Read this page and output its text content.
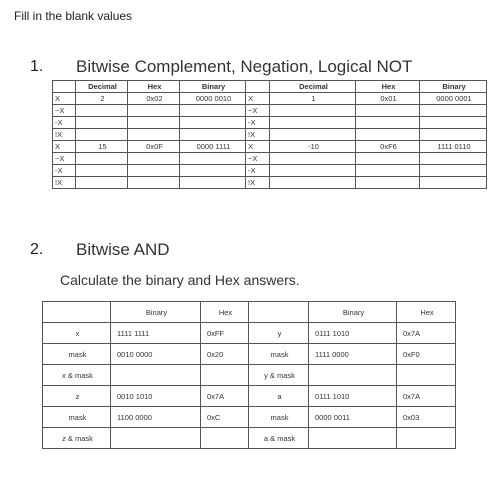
Fill in the blank values
1. Bitwise Complement, Negation, Logical NOT
	Decimal	Hex	Binary		Decimal	Hex	Binary
X	2	0x02	0000 0010	X	1	0x01	0000 0001
~X				~X			
-X				-X			
!X				!X			
X	15	0x0F	0000 1111	X	-10	0xF6	1111 0110
~X				~X			
-X				-X			
!X				!X			
2. Bitwise AND
Calculate the binary and Hex answers.
	Binary	Hex		Binary	Hex
x	1111 1111	0xFF	y	0111 1010	0x7A
mask	0010 0000	0x20	mask	1111 0000	0xF0
x & mask			y & mask		
z	0010 1010	0x7A	a	0111 1010	0x7A
mask	1100 0000	0xC	mask	0000 0011	0x03
z & mask			a & mask		
